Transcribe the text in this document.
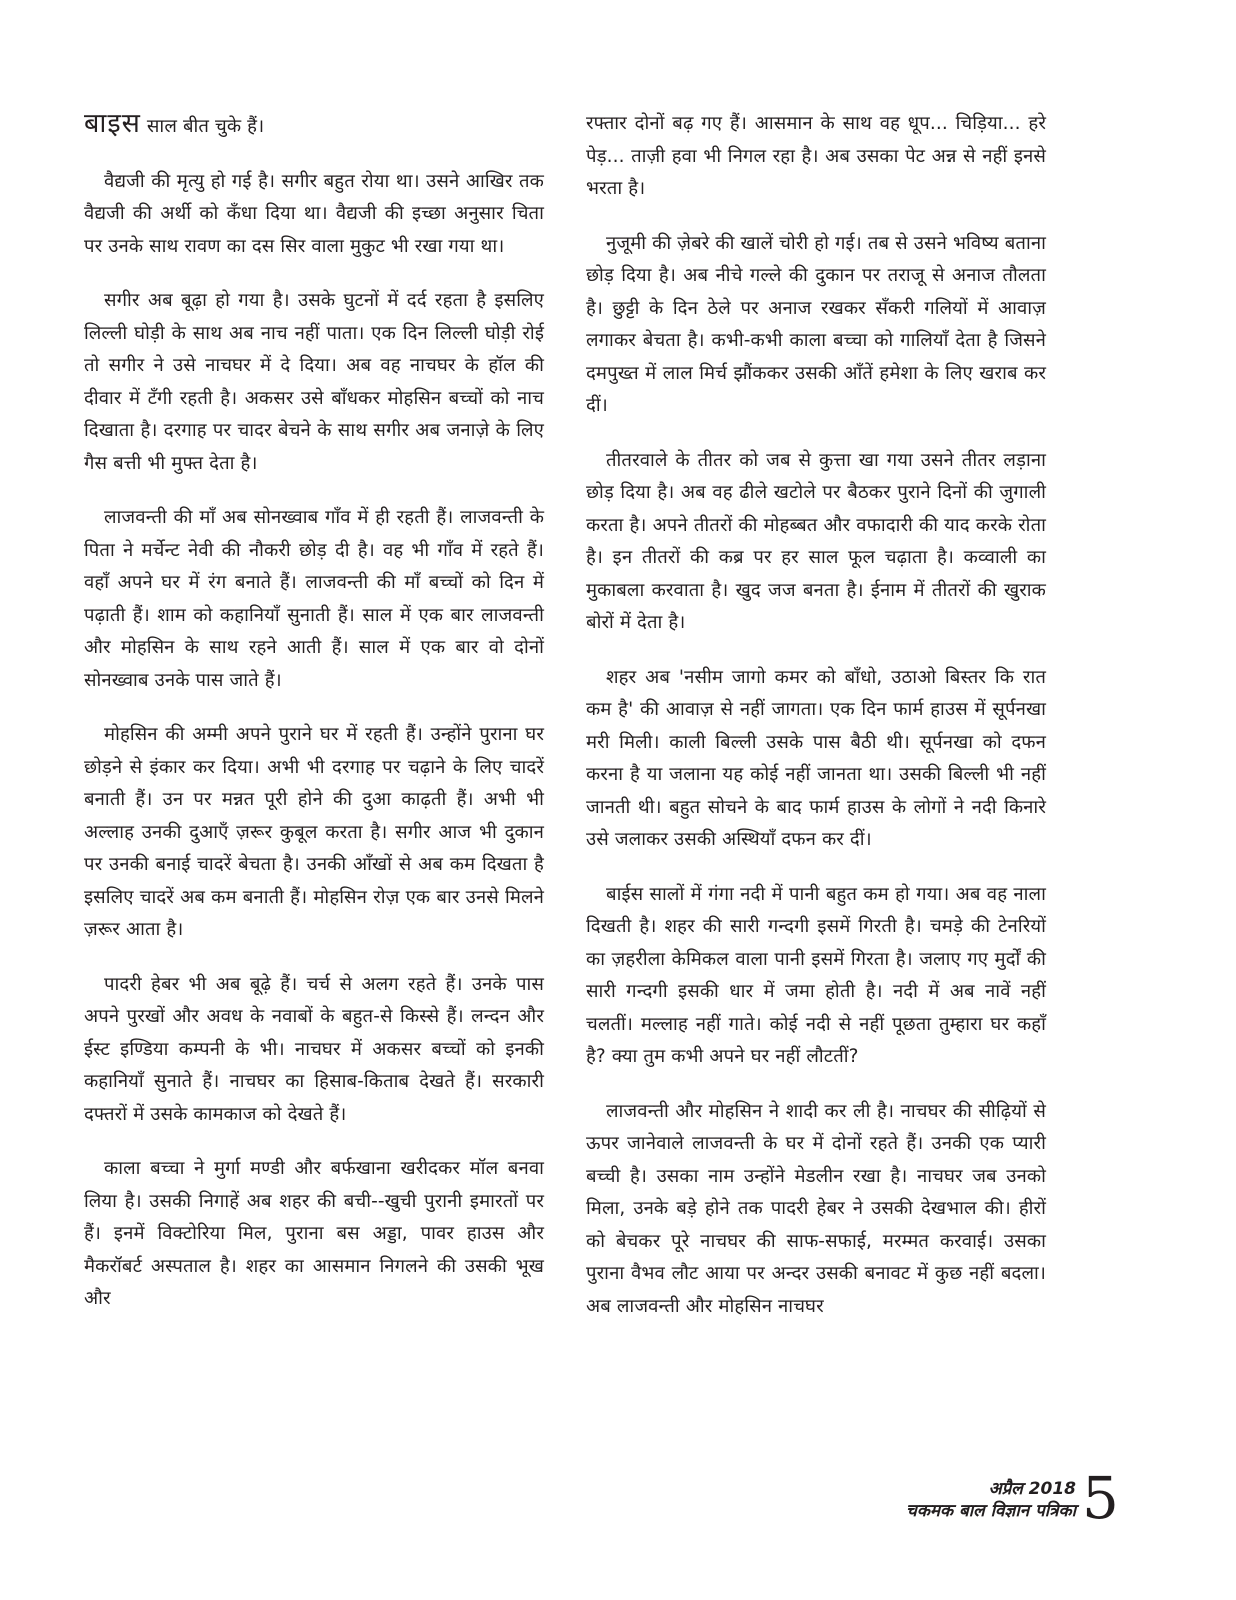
बाइस साल बीत चुके हैं।

वैद्यजी की मृत्यु हो गई है। सगीर बहुत रोया था। उसने आखिर तक वैद्यजी की अर्थी को कँधा दिया था। वैद्यजी की इच्छा अनुसार चिता पर उनके साथ रावण का दस सिर वाला मुकुट भी रखा गया था।

सगीर अब बूढ़ा हो गया है। उसके घुटनों में दर्द रहता है इसलिए लिल्ली घोड़ी के साथ अब नाच नहीं पाता। एक दिन लिल्ली घोड़ी रोई तो सगीर ने उसे नाचघर में दे दिया। अब वह नाचघर के हॉल की दीवार में टँगी रहती है। अकसर उसे बाँधकर मोहसिन बच्चों को नाच दिखाता है। दरगाह पर चादर बेचने के साथ सगीर अब जनाज़े के लिए गैस बत्ती भी मुफ्त देता है।

लाजवन्ती की माँ अब सोनख्वाब गाँव में ही रहती हैं। लाजवन्ती के पिता ने मर्चेन्ट नेवी की नौकरी छोड़ दी है। वह भी गाँव में रहते हैं। वहाँ अपने घर में रंग बनाते हैं। लाजवन्ती की माँ बच्चों को दिन में पढ़ाती हैं। शाम को कहानियाँ सुनाती हैं। साल में एक बार लाजवन्ती और मोहसिन के साथ रहने आती हैं। साल में एक बार वो दोनों सोनख्वाब उनके पास जाते हैं।

मोहसिन की अम्मी अपने पुराने घर में रहती हैं। उन्होंने पुराना घर छोड़ने से इंकार कर दिया। अभी भी दरगाह पर चढ़ाने के लिए चादरें बनाती हैं। उन पर मन्नत पूरी होने की दुआ काढ़ती हैं। अभी भी अल्लाह उनकी दुआएँ ज़रूर कुबूल करता है। सगीर आज भी दुकान पर उनकी बनाई चादरें बेचता है। उनकी आँखों से अब कम दिखता है इसलिए चादरें अब कम बनाती हैं। मोहसिन रोज़ एक बार उनसे मिलने ज़रूर आता है।

पादरी हेबर भी अब बूढ़े हैं। चर्च से अलग रहते हैं। उनके पास अपने पुरखों और अवध के नवाबों के बहुत-से किस्से हैं। लन्दन और ईस्ट इण्डिया कम्पनी के भी। नाचघर में अकसर बच्चों को इनकी कहानियाँ सुनाते हैं। नाचघर का हिसाब-किताब देखते हैं। सरकारी दफ्तरों में उसके कामकाज को देखते हैं।

काला बच्चा ने मुर्गा मण्डी और बर्फखाना खरीदकर मॉल बनवा लिया है। उसकी निगाहें अब शहर की बची--खुची पुरानी इमारतों पर हैं। इनमें विक्टोरिया मिल, पुराना बस अड्डा, पावर हाउस और मैकरॉबर्ट अस्पताल है। शहर का आसमान निगलने की उसकी भूख और

रफ्तार दोनों बढ़ गए हैं। आसमान के साथ वह धूप... चिड़िया... हरे पेड़... ताज़ी हवा भी निगल रहा है। अब उसका पेट अन्न से नहीं इनसे भरता है।

नुजूमी की ज़ेबरे की खालें चोरी हो गई। तब से उसने भविष्य बताना छोड़ दिया है। अब नीचे गल्ले की दुकान पर तराजू से अनाज तौलता है। छुट्टी के दिन ठेले पर अनाज रखकर सँकरी गलियों में आवाज़ लगाकर बेचता है। कभी-कभी काला बच्चा को गालियाँ देता है जिसने दमपुख्त में लाल मिर्च झौंककर उसकी आँतें हमेशा के लिए खराब कर दीं।

तीतरवाले के तीतर को जब से कुत्ता खा गया उसने तीतर लड़ाना छोड़ दिया है। अब वह ढीले खटोले पर बैठकर पुराने दिनों की जुगाली करता है। अपने तीतरों की मोहब्बत और वफादारी की याद करके रोता है। इन तीतरों की कब्र पर हर साल फूल चढ़ाता है। कव्वाली का मुकाबला करवाता है। खुद जज बनता है। ईनाम में तीतरों की खुराक बोरों में देता है।

शहर अब 'नसीम जागो कमर को बाँधो, उठाओ बिस्तर कि रात कम है' की आवाज़ से नहीं जागता। एक दिन फार्म हाउस में सूर्पनखा मरी मिली। काली बिल्ली उसके पास बैठी थी। सूर्पनखा को दफन करना है या जलाना यह कोई नहीं जानता था। उसकी बिल्ली भी नहीं जानती थी। बहुत सोचने के बाद फार्म हाउस के लोगों ने नदी किनारे उसे जलाकर उसकी अस्थियाँ दफन कर दीं।

बाईस सालों में गंगा नदी में पानी बहुत कम हो गया। अब वह नाला दिखती है। शहर की सारी गन्दगी इसमें गिरती है। चमड़े की टेनरियों का ज़हरीला केमिकल वाला पानी इसमें गिरता है। जलाए गए मुर्दों की सारी गन्दगी इसकी धार में जमा होती है। नदी में अब नावें नहीं चलतीं। मल्लाह नहीं गाते। कोई नदी से नहीं पूछता तुम्हारा घर कहाँ है? क्या तुम कभी अपने घर नहीं लौटतीं?

लाजवन्ती और मोहसिन ने शादी कर ली है। नाचघर की सीढ़ियों से ऊपर जानेवाले लाजवन्ती के घर में दोनों रहते हैं। उनकी एक प्यारी बच्ची है। उसका नाम उन्होंने मेडलीन रखा है। नाचघर जब उनको मिला, उनके बड़े होने तक पादरी हेबर ने उसकी देखभाल की। हीरों को बेचकर पूरे नाचघर की साफ-सफाई, मरम्मत करवाई। उसका पुराना वैभव लौट आया पर अन्दर उसकी बनावट में कुछ नहीं बदला। अब लाजवन्ती और मोहसिन नाचघर

अप्रैल 2018
चकमक बाल विज्ञान पत्रिका 5
